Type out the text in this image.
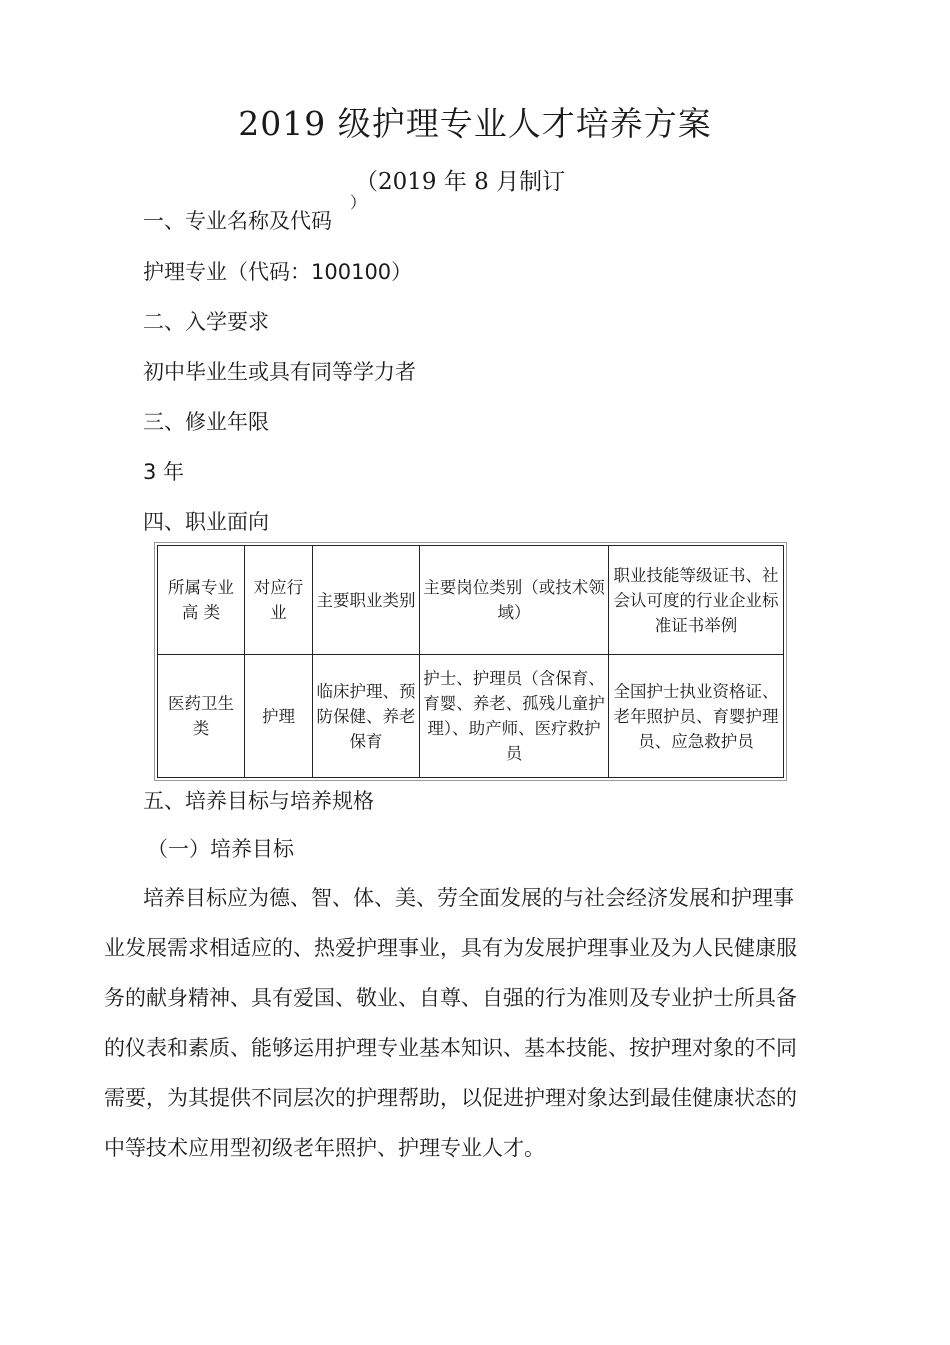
2019 级护理专业人才培养方案
（2019 年 8 月制订
）
一、专业名称及代码
护理专业（代码：100100）
二、入学要求
初中毕业生或具有同等学力者
三、修业年限
3 年
四、职业面向
所属专业高 类	对应行业	主要职业类别	主要岗位类别（或技术领域）	职业技能等级证书、社会认可度的行业企业标准证书举例
医药卫生类	护理	临床护理、预防保健、养老保育	护士、护理员（含保育、育婴、养老、孤残儿童护理）、助产师、医疗救护员	全国护士执业资格证、老年照护员、育婴护理员、应急救护员
五、培养目标与培养规格
（一）培养目标
培养目标应为德、智、体、美、劳全面发展的与社会经济发展和护理事
业发展需求相适应的、热爱护理事业，具有为发展护理事业及为人民健康服
务的献身精神、具有爱国、敬业、自尊、自强的行为准则及专业护士所具备
的仪表和素质、能够运用护理专业基本知识、基本技能、按护理对象的不同
需要，为其提供不同层次的护理帮助，以促进护理对象达到最佳健康状态的
中等技术应用型初级老年照护、护理专业人才。
